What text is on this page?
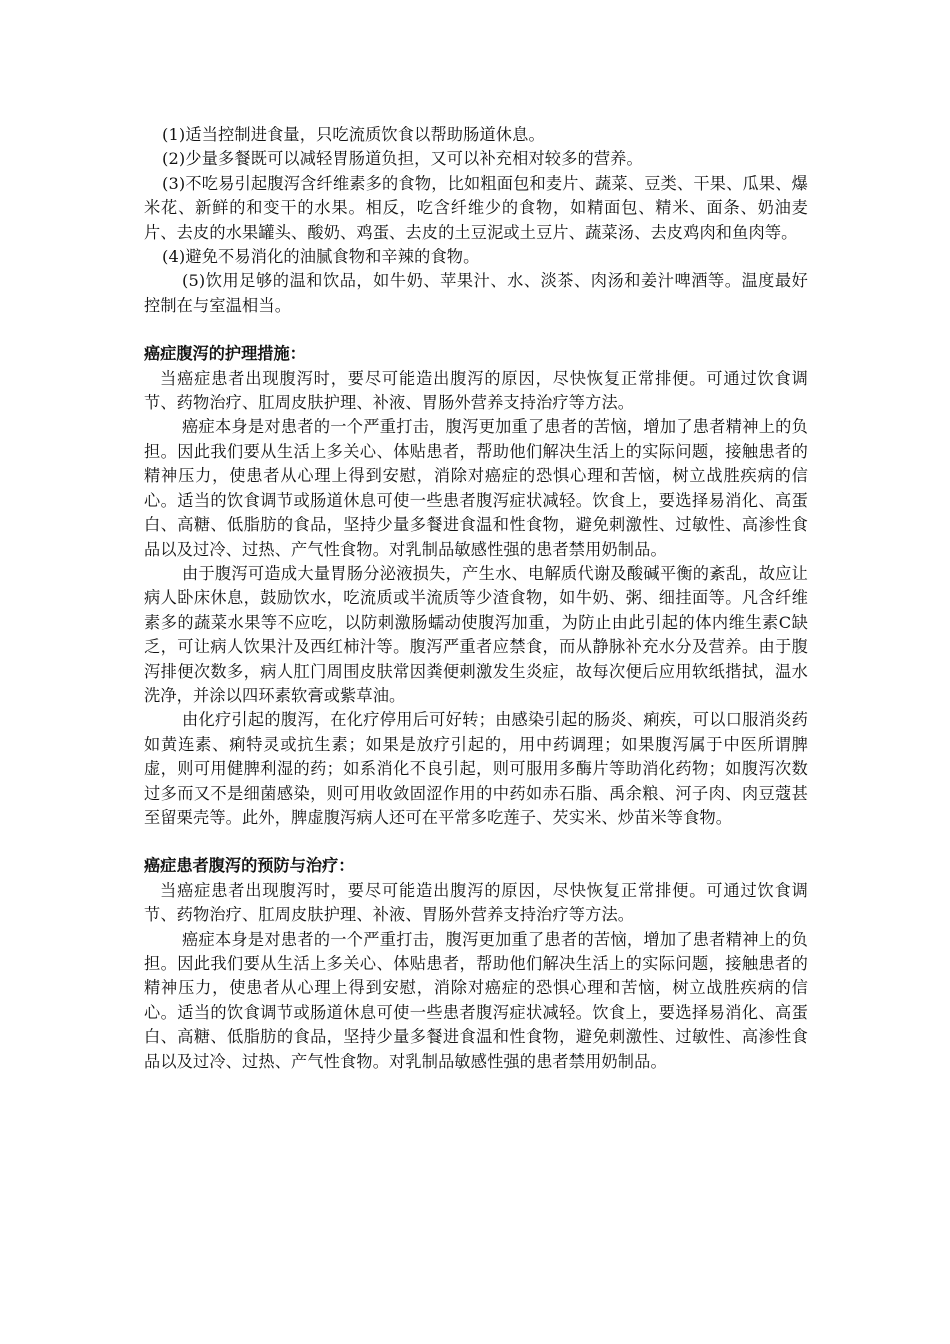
(1)适当控制进食量，只吃流质饮食以帮助肠道休息。

(2)少量多餐既可以减轻胃肠道负担，又可以补充相对较多的营养。

(3)不吃易引起腹泻含纤维素多的食物，比如粗面包和麦片、蔬菜、豆类、干果、瓜果、爆米花、新鲜的和变干的水果。相反，吃含纤维少的食物，如精面包、精米、面条、奶油麦片、去皮的水果罐头、酸奶、鸡蛋、去皮的土豆泥或土豆片、蔬菜汤、去皮鸡肉和鱼肉等。

(4)避免不易消化的油腻食物和辛辣的食物。

(5)饮用足够的温和饮品，如牛奶、苹果汁、水、淡茶、肉汤和姜汁啤酒等。温度最好控制在与室温相当。

癌症腹泻的护理措施：

当癌症患者出现腹泻时，要尽可能造出腹泻的原因，尽快恢复正常排便。可通过饮食调节、药物治疗、肛周皮肤护理、补液、胃肠外营养支持治疗等方法。

癌症本身是对患者的一个严重打击，腹泻更加重了患者的苦恼，增加了患者精神上的负担。因此我们要从生活上多关心、体贴患者，帮助他们解决生活上的实际问题，接触患者的精神压力，使患者从心理上得到安慰，消除对癌症的恐惧心理和苦恼，树立战胜疾病的信心。适当的饮食调节或肠道休息可使一些患者腹泻症状减轻。饮食上，要选择易消化、高蛋白、高糖、低脂肪的食品，坚持少量多餐进食温和性食物，避免刺激性、过敏性、高渗性食品以及过冷、过热、产气性食物。对乳制品敏感性强的患者禁用奶制品。

由于腹泻可造成大量胃肠分泌液损失，产生水、电解质代谢及酸碱平衡的紊乱，故应让病人卧床休息，鼓励饮水，吃流质或半流质等少渣食物，如牛奶、粥、细挂面等。凡含纤维素多的蔬菜水果等不应吃，以防刺激肠蠕动使腹泻加重，为防止由此引起的体内维生素C缺乏，可让病人饮果汁及西红柿汁等。腹泻严重者应禁食，而从静脉补充水分及营养。由于腹泻排便次数多，病人肛门周围皮肤常因粪便刺激发生炎症，故每次便后应用软纸揩拭，温水洗净，并涂以四环素软膏或紫草油。

由化疗引起的腹泻，在化疗停用后可好转；由感染引起的肠炎、痢疾，可以口服消炎药如黄连素、痢特灵或抗生素；如果是放疗引起的，用中药调理；如果腹泻属于中医所谓脾虚，则可用健脾利湿的药；如系消化不良引起，则可服用多酶片等助消化药物；如腹泻次数过多而又不是细菌感染，则可用收敛固涩作用的中药如赤石脂、禹余粮、河子肉、肉豆蔻甚至留栗壳等。此外，脾虚腹泻病人还可在平常多吃莲子、芡实米、炒苗米等食物。

癌症患者腹泻的预防与治疗：

当癌症患者出现腹泻时，要尽可能造出腹泻的原因，尽快恢复正常排便。可通过饮食调节、药物治疗、肛周皮肤护理、补液、胃肠外营养支持治疗等方法。

癌症本身是对患者的一个严重打击，腹泻更加重了患者的苦恼，增加了患者精神上的负担。因此我们要从生活上多关心、体贴患者，帮助他们解决生活上的实际问题，接触患者的精神压力，使患者从心理上得到安慰，消除对癌症的恐惧心理和苦恼，树立战胜疾病的信心。适当的饮食调节或肠道休息可使一些患者腹泻症状减轻。饮食上，要选择易消化、高蛋白、高糖、低脂肪的食品，坚持少量多餐进食温和性食物，避免刺激性、过敏性、高渗性食品以及过冷、过热、产气性食物。对乳制品敏感性强的患者禁用奶制品。
